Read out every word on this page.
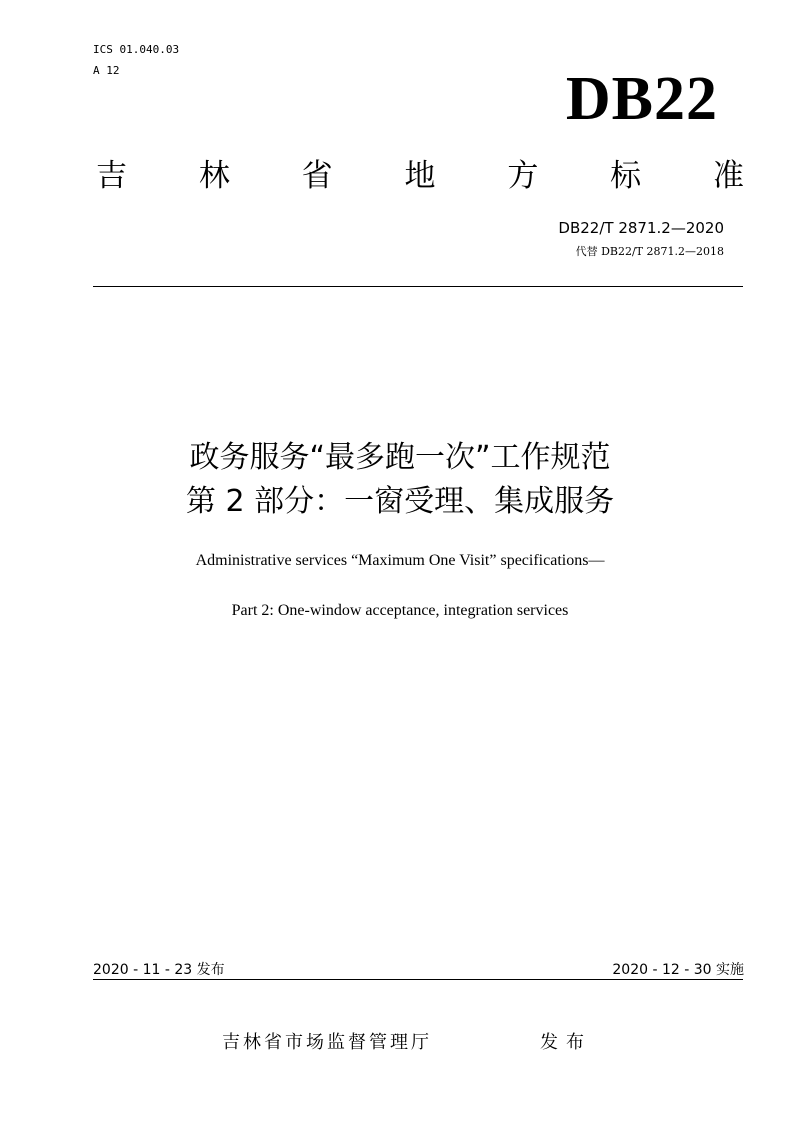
ICS 01.040.03
A 12	DB22
吉 林 省 地 方 标 准
DB22/T 2871.2—2020
代替 DB22/T 2871.2—2018
政务服务“最多跑一次”工作规范
第 2 部分：一窗受理、集成服务
Administrative services “Maximum One Visit” specifications—
Part 2: One-window acceptance, integration services
2020 - 11 - 23 发布	2020 - 12 - 30 实施
吉林省市场监督管理厅	发布
